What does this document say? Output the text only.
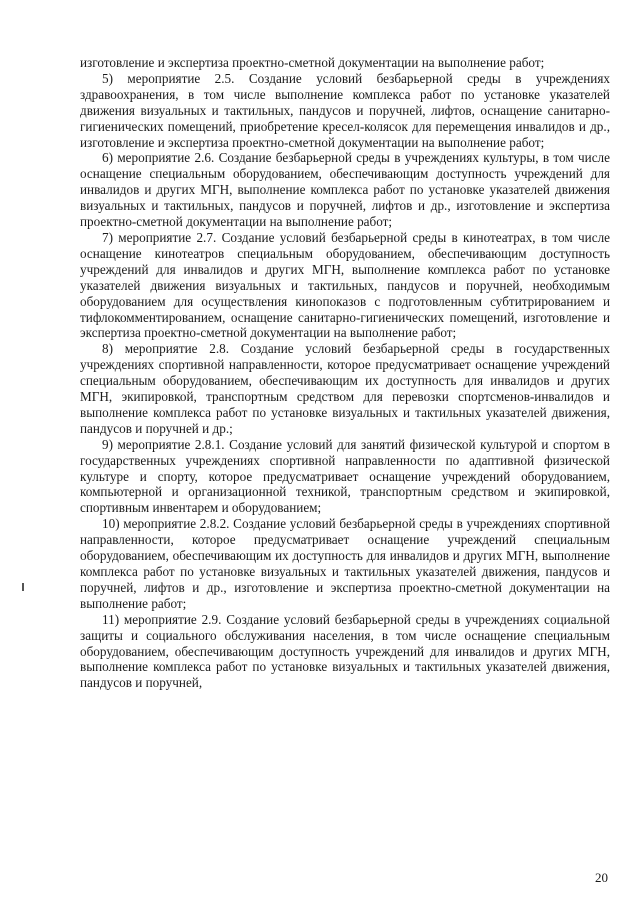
изготовление и экспертиза проектно-сметной документации на выполнение работ;

5) мероприятие 2.5. Создание условий безбарьерной среды в учреждениях здравоохранения, в том числе выполнение комплекса работ по установке указателей движения визуальных и тактильных, пандусов и поручней, лифтов, оснащение санитарно-гигиенических помещений, приобретение кресел-колясок для перемещения инвалидов и др., изготовление и экспертиза проектно-сметной документации на выполнение работ;

6) мероприятие 2.6. Создание безбарьерной среды в учреждениях культуры, в том числе оснащение специальным оборудованием, обеспечивающим доступность учреждений для инвалидов и других МГН, выполнение комплекса работ по установке указателей движения визуальных и тактильных, пандусов и поручней, лифтов и др., изготовление и экспертиза проектно-сметной документации на выполнение работ;

7) мероприятие 2.7. Создание условий безбарьерной среды в кинотеатрах, в том числе оснащение кинотеатров специальным оборудованием, обеспечивающим доступность учреждений для инвалидов и других МГН, выполнение комплекса работ по установке указателей движения визуальных и тактильных, пандусов и поручней, необходимым оборудованием для осуществления кинопоказов с подготовленным субтитрированием и тифлокомментированием, оснащение санитарно-гигиенических помещений, изготовление и экспертиза проектно-сметной документации на выполнение работ;

8) мероприятие 2.8. Создание условий безбарьерной среды в государственных учреждениях спортивной направленности, которое предусматривает оснащение учреждений специальным оборудованием, обеспечивающим их доступность для инвалидов и других МГН, экипировкой, транспортным средством для перевозки спортсменов-инвалидов и выполнение комплекса работ по установке визуальных и тактильных указателей движения, пандусов и поручней и др.;

9) мероприятие 2.8.1. Создание условий для занятий физической культурой и спортом в государственных учреждениях спортивной направленности по адаптивной физической культуре и спорту, которое предусматривает оснащение учреждений оборудованием, компьютерной и организационной техникой, транспортным средством и экипировкой, спортивным инвентарем и оборудованием;

10) мероприятие 2.8.2. Создание условий безбарьерной среды в учреждениях спортивной направленности, которое предусматривает оснащение учреждений специальным оборудованием, обеспечивающим их доступность для инвалидов и других МГН, выполнение комплекса работ по установке визуальных и тактильных указателей движения, пандусов и поручней, лифтов и др., изготовление и экспертиза проектно-сметной документации на выполнение работ;

11) мероприятие 2.9. Создание условий безбарьерной среды в учреждениях социальной защиты и социального обслуживания населения, в том числе оснащение специальным оборудованием, обеспечивающим доступность учреждений для инвалидов и других МГН, выполнение комплекса работ по установке визуальных и тактильных указателей движения, пандусов и поручней,

20
